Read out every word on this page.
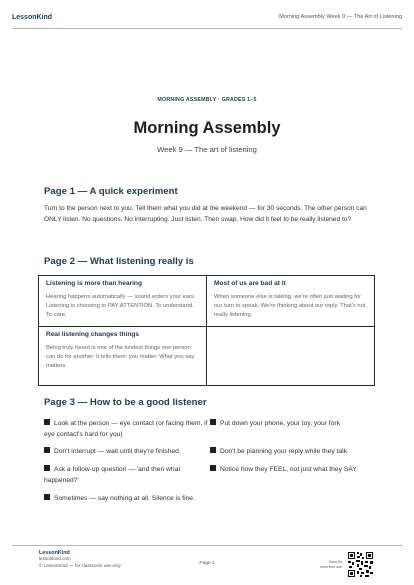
LessonKind	Morning Assembly Week 9 — The Art of Listening
MORNING ASSEMBLY · GRADES 1–5
Morning Assembly
Week 9 — The art of listening
Page 1 — A quick experiment
Turn to the person next to you. Tell them what you did at the weekend — for 30 seconds. The other person can ONLY listen. No questions. No interrupting. Just listen. Then swap. How did it feel to be really listened to?
Page 2 — What listening really is
Listening is more than hearing
Hearing happens automatically — sound enters your ears. Listening is choosing to PAY ATTENTION. To understand. To care.
Most of us are bad at it
When someone else is talking, we're often just waiting for our turn to speak. We're thinking about our reply. That's not really listening.
Real listening changes things
Being truly heard is one of the kindest things one person can do for another. It tells them: you matter. What you say matters.
Page 3 — How to be a good listener
Look at the person — eye contact (or facing them, if eye contact's hard for you)
Put down your phone, your toy, your fork
Don't interrupt — wait until they're finished	Don't be planning your reply while they talk
Ask a follow-up question — 'and then what happened?'
Notice how they FEEL, not just what they SAY
Sometimes — say nothing at all. Silence is fine.
LessonKind
lessonkind.com
© LessonKind — for classroom use only	Page 1	Scan for
more free use
